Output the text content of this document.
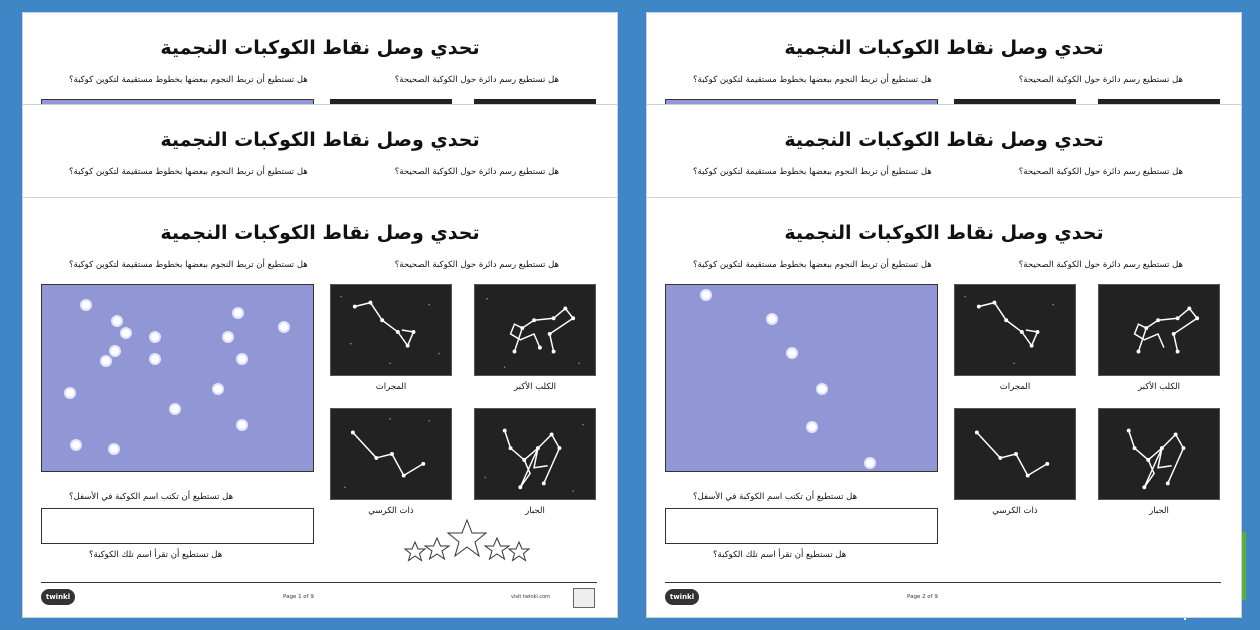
تحدي وصل نقاط الكوكبات النجمية
هل تستطيع رسم دائرة حول الكوكبة الصحيحة؟
هل تستطيع أن تربط النجوم ببعضها بخطوط مستقيمة لتكوين كوكبة؟
تحدي وصل نقاط الكوكبات النجمية
هل تستطيع رسم دائرة حول الكوكبة الصحيحة؟
هل تستطيع أن تربط النجوم ببعضها بخطوط مستقيمة لتكوين كوكبة؟
تحدي وصل نقاط الكوكبات النجمية
هل تستطيع رسم دائرة حول الكوكبة الصحيحة؟
هل تستطيع أن تربط النجوم ببعضها بخطوط مستقيمة لتكوين كوكبة؟
المجرات	الكلب الأكبر
ذات الكرسي	الجبار
هل تستطيع أن تكتب اسم الكوكبة في الأسفل؟
هل تستطيع أن تقرأ اسم تلك الكوكبة؟
twinkl	Page 1 of 9	visit twinkl.com
تحدي وصل نقاط الكوكبات النجمية
هل تستطيع رسم دائرة حول الكوكبة الصحيحة؟
هل تستطيع أن تربط النجوم ببعضها بخطوط مستقيمة لتكوين كوكبة؟
تحدي وصل نقاط الكوكبات النجمية
هل تستطيع رسم دائرة حول الكوكبة الصحيحة؟
هل تستطيع أن تربط النجوم ببعضها بخطوط مستقيمة لتكوين كوكبة؟
تحدي وصل نقاط الكوكبات النجمية
هل تستطيع رسم دائرة حول الكوكبة الصحيحة؟
هل تستطيع أن تربط النجوم ببعضها بخطوط مستقيمة لتكوين كوكبة؟
المجرات	الكلب الأكبر
ذات الكرسي	الجبار
هل تستطيع أن تكتب اسم الكوكبة في الأسفل؟
هل تستطيع أن تقرأ اسم تلك الكوكبة؟
twinkl	Page 2 of 9
